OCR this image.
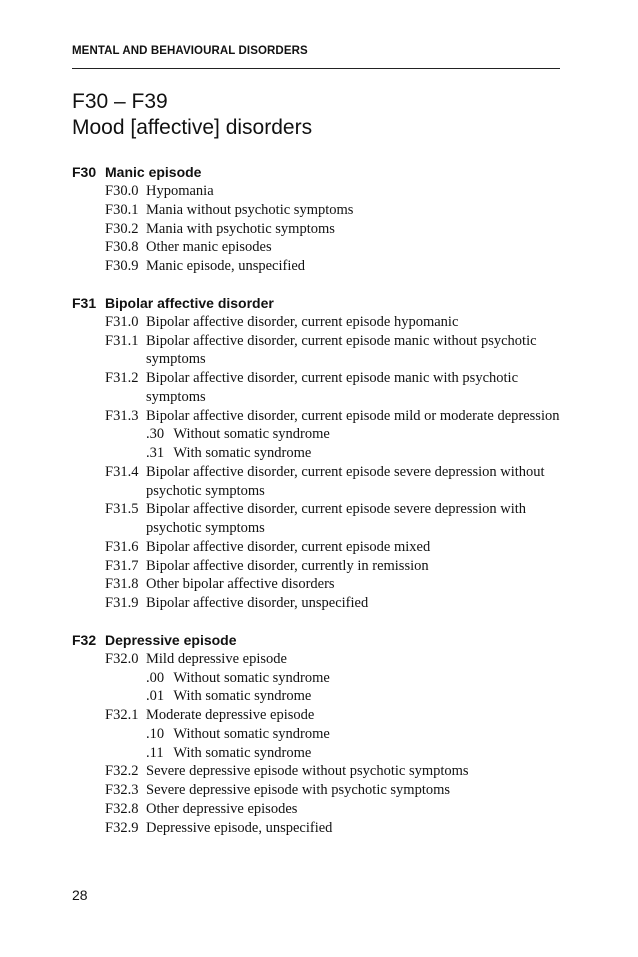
MENTAL AND BEHAVIOURAL DISORDERS
F30 – F39
Mood [affective] disorders
F30 Manic episode
F30.0 Hypomania
F30.1 Mania without psychotic symptoms
F30.2 Mania with psychotic symptoms
F30.8 Other manic episodes
F30.9 Manic episode, unspecified
F31 Bipolar affective disorder
F31.0 Bipolar affective disorder, current episode hypomanic
F31.1 Bipolar affective disorder, current episode manic without psychotic symptoms
F31.2 Bipolar affective disorder, current episode manic with psychotic symptoms
F31.3 Bipolar affective disorder, current episode mild or moderate depression
.30 Without somatic syndrome
.31 With somatic syndrome
F31.4 Bipolar affective disorder, current episode severe depression without psychotic symptoms
F31.5 Bipolar affective disorder, current episode severe depression with psychotic symptoms
F31.6 Bipolar affective disorder, current episode mixed
F31.7 Bipolar affective disorder, currently in remission
F31.8 Other bipolar affective disorders
F31.9 Bipolar affective disorder, unspecified
F32 Depressive episode
F32.0 Mild depressive episode
.00 Without somatic syndrome
.01 With somatic syndrome
F32.1 Moderate depressive episode
.10 Without somatic syndrome
.11 With somatic syndrome
F32.2 Severe depressive episode without psychotic symptoms
F32.3 Severe depressive episode with psychotic symptoms
F32.8 Other depressive episodes
F32.9 Depressive episode, unspecified
28
